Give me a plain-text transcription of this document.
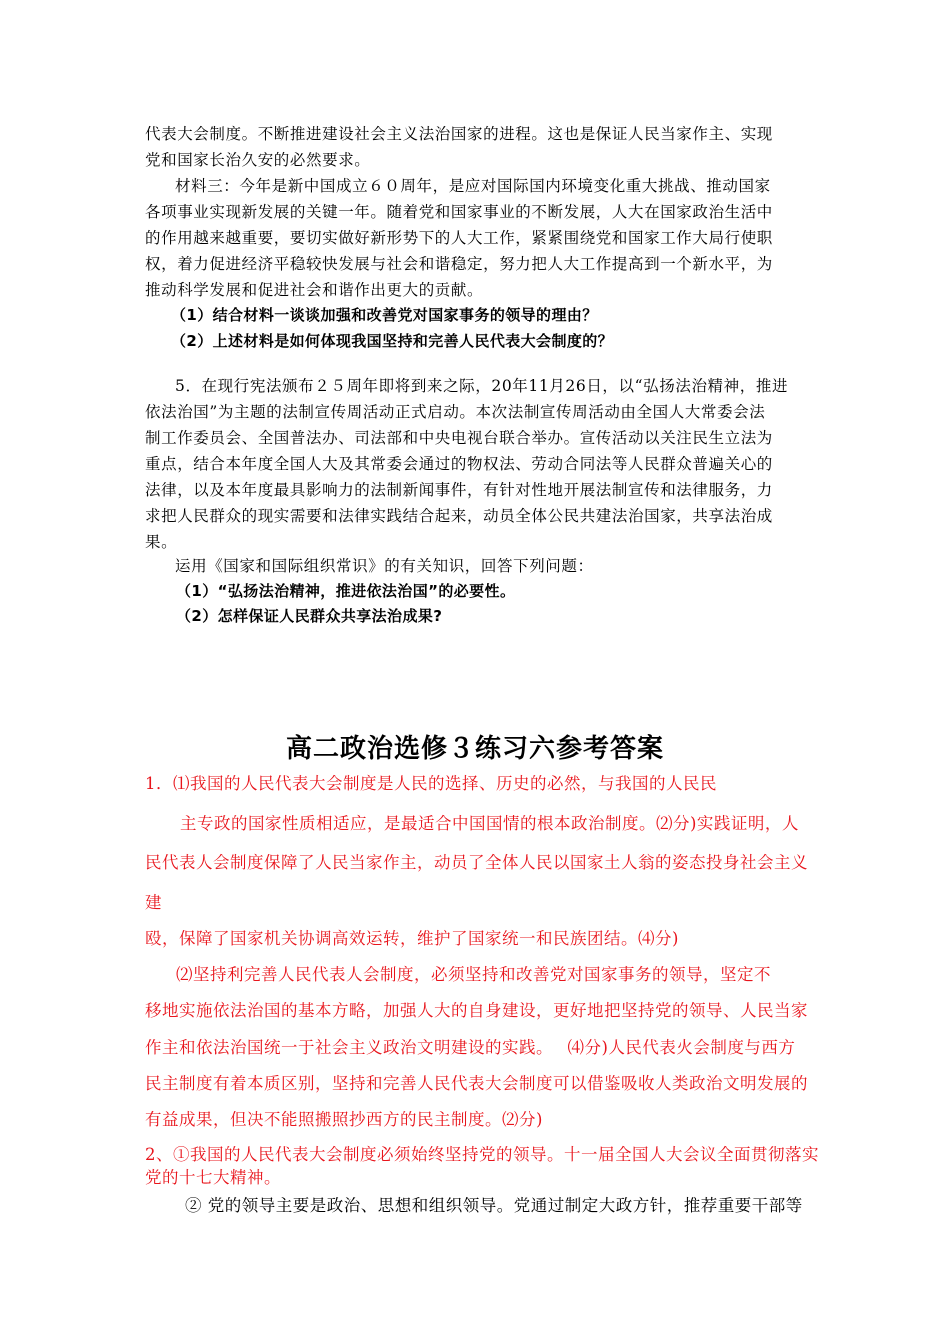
代表大会制度。不断推进建设社会主义法治国家的进程。这也是保证人民当家作主、实现
党和国家长治久安的必然要求。
材料三：今年是新中国成立６０周年，是应对国际国内环境变化重大挑战、推动国家
各项事业实现新发展的关键一年。随着党和国家事业的不断发展，人大在国家政治生活中
的作用越来越重要，要切实做好新形势下的人大工作，紧紧围绕党和国家工作大局行使职
权，着力促进经济平稳较快发展与社会和谐稳定，努力把人大工作提高到一个新水平，为
推动科学发展和促进社会和谐作出更大的贡献。
（1）结合材料一谈谈加强和改善党对国家事务的领导的理由？
（2）上述材料是如何体现我国坚持和完善人民代表大会制度的？
5．在现行宪法颁布２５周年即将到来之际，20年11月26日，以“弘扬法治精神，推进
依法治国”为主题的法制宣传周活动正式启动。本次法制宣传周活动由全国人大常委会法
制工作委员会、全国普法办、司法部和中央电视台联合举办。宣传活动以关注民生立法为
重点，结合本年度全国人大及其常委会通过的物权法、劳动合同法等人民群众普遍关心的
法律，以及本年度最具影响力的法制新闻事件，有针对性地开展法制宣传和法律服务，力
求把人民群众的现实需要和法律实践结合起来，动员全体公民共建法治国家，共享法治成
果。
运用《国家和国际组织常识》的有关知识，回答下列问题：
（1）“弘扬法治精神，推进依法治国”的必要性。
（2）怎样保证人民群众共享法治成果?
高二政治选修３练习六参考答案
1．⑴我国的人民代表大会制度是人民的选择、历史的必然，与我国的人民民
主专政的国家性质相适应，是最适合中国国情的根本政治制度。⑵分)实践证明，人
民代表人会制度保障了人民当家作主，动员了全体人民以国家土人翁的姿态投身社会主义
建
殴，保障了国家机关协调高效运转，维护了国家统一和民族团结。⑷分)
⑵坚持利完善人民代表人会制度，必须坚持和改善党对国家事务的领导，坚定不
移地实施依法治国的基本方略，加强人大的自身建设，更好地把坚持党的领导、人民当家
作主和依法治国统一于社会主义政治文明建设的实践。　 ⑷分)人民代表火会制度与西方
民主制度有着本质区别，坚持和完善人民代表大会制度可以借鉴吸收人类政治文明发展的
有益成果，但决不能照搬照抄西方的民主制度。⑵分)
2、①我国的人民代表大会制度必须始终坚持党的领导。十一届全国人大会议全面贯彻落实
党的十七大精神。
② 党的领导主要是政治、思想和组织领导。党通过制定大政方针，推荐重要干部等
